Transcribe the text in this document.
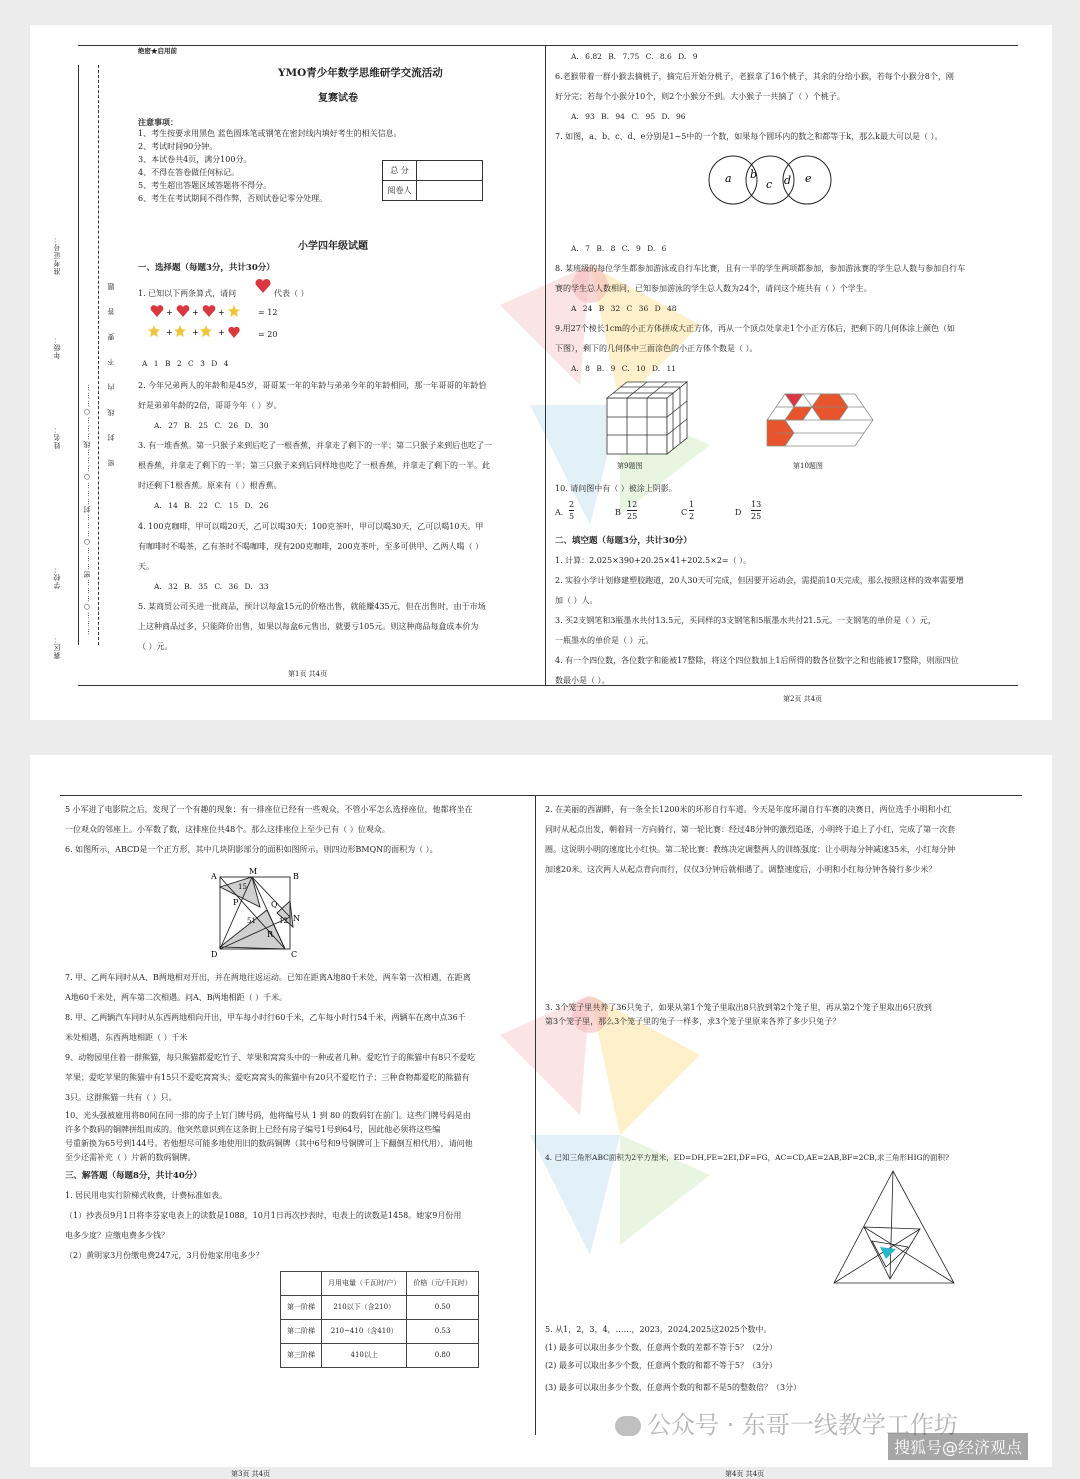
准考证号：
年级：
姓名：
学校：
赛区：
………○………密………○………封………○………线………○………
密 封 线 内 不 要 答 题
绝密★启用前
YMO青少年数学思维研学交流活动
复赛试卷
注意事项：
1、考生按要求用黑色 蓝色圆珠笔或钢笔在密封线内填好考生的相关信息。
2、考试时间90分钟。
3、本试卷共4页，满分100分。
4、不得在答卷做任何标记。
5、考生超出答题区域答题将不得分。
6、考生在考试期间不得作弊，否则试卷记零分处理。
总 分	
阅卷人	
小学四年级试题
一、选择题（每题3分，共计30分）
1. 已知以下两条算式，请问	代表（ ）
+ + +
+ + +
= 12
= 20
A 1 B 2 C 3 D 4
2. 今年兄弟两人的年龄和是45岁，哥哥某一年的年龄与弟弟今年的年龄相同，那一年哥哥的年龄恰
好是弟弟年龄的2倍，哥哥今年（ ）岁。
A. 27 B. 25 C. 26 D. 30
3. 有一堆香蕉。第一只猴子来到后吃了一根香蕉，并拿走了剩下的一半；第二只猴子来到后也吃了一
根香蕉，并拿走了剩下的一半；第三只猴子来到后同样地也吃了一根香蕉，并拿走了剩下的一半。此
时还剩下1根香蕉。原来有（ ）根香蕉。
A. 14 B. 22 C. 15 D. 26
4. 100克咖啡，甲可以喝20天，乙可以喝30天；100克茶叶，甲可以喝30天，乙可以喝10天。甲
有咖啡时不喝茶，乙有茶时不喝咖啡，现有200克咖啡，200克茶叶，至多可供甲、乙两人喝（ ）
天。
A. 32 B. 35 C. 36 D. 33
5. 某商贸公司买进一批商品，预计以每盒15元的价格出售，就能赚435元，但在出售时，由于市场
上这种商品过多，只能降价出售，如果以每盒6元售出，就要亏105元。则这种商品每盒成本价为
（ ）元。
第1页 共4页
A. 6.82 B. 7.75 C. 8.6 D. 9
6.老猴带着一群小猴去摘桃子，摘完后开始分桃子，老猴拿了16个桃子，其余的分给小猴，若每个小猴分8个，刚
好分完；若每个小猴分10个，则2个小猴分不到。大小猴子一共摘了（ ）个桃子。
A. 93 B. 94 C. 95 D. 96
7. 如图，a、b、c、d、e分别是1~5中的一个数，如果每个圆环内的数之和都等于k，那么k最大可以是（ ）。
a b
c d e
A. 7 B. 8 C. 9 D. 6
8. 某班级的每位学生都参加游泳或自行车比赛，且有一半的学生两项都参加，参加游泳赛的学生总人数与参加自行车
赛的学生总人数相同，已知参加游泳的学生总人数为24个，请问这个班共有（ ）个学生。
A 24 B 32 C 36 D 48
9.用27个棱长1cm的小正方体拼成大正方体，再从一个顶点处拿走1个小正方体后，把剩下的几何体涂上颜色（如
下图），剩下的几何体中三面涂色的小正方体个数是（ ）。
A. 8 B. 9 C. 10 D. 11
第9题图	第10题图
10. 请问图中有（ ）被涂上阴影。
A.
2
5	B
12
25	C
1
2	D
13
25
二、填空题（每题3分，共计30分）
1. 计算：2.025×390+20.25×41+202.5×2=（ ）。
2. 实验小学计划修建塑胶跑道，20人30天可完成，但因要开运动会，需提前10天完成，那么按照这样的效率需要增
加（ ）人。
3. 买2支钢笔和3瓶墨水共付13.5元，买同样的3支钢笔和5瓶墨水共付21.5元。一支钢笔的单价是（ ）元，
一瓶墨水的单价是（ ）元。
4. 有一个四位数，各位数字和能被17整除，将这个四位数加上1后所得的数各位数字之和也能被17整除，则原四位
数最小是（ ）。
第2页 共4页
5 小军进了电影院之后，发现了一个有趣的现象：有一排座位已经有一些观众，不管小军怎么选择座位，他都将坐在
一位观众的邻座上。小军数了数，这排座位共48个。那么这排座位上至少已有（ ）位观众。
6. 如图所示，ABCD是一个正方形，其中几块阴影部分的面积如图所示。则四边形BMQN的面积为（ ）。
A
M
B
P	Q
N
R
D	C
15
51	12
7. 甲、乙两车同时从A、B两地相对开出，并在两地往返运动。已知在距离A地80千米处，两车第一次相遇，在距离
A地60千米处，两车第二次相遇。问A、B两地相距（ ）千米。
8. 甲、乙两辆汽车同时从东西两地相向开出，甲车每小时行60千米，乙车每小时行54千米，两辆车在离中点36千
米处相遇，东西两地相距（ ）千米
9、动物园里住着一群熊猫，每只熊猫都爱吃竹子、苹果和窝窝头中的一种或者几种。爱吃竹子的熊猫中有8只不爱吃
苹果；爱吃苹果的熊猫中有15只不爱吃窝窝头；爱吃窝窝头的熊猫中有20只不爱吃竹子；三种食物都爱吃的熊猫有
3只。这群熊猫一共有（ ）只。
10、光头强被雇用将80间在同一排的房子上钉门牌号码，他将编号从 1 到 80 的数码钉在前门。这些门牌号码是由
许多个数码的铜牌拼组而成的。他突然意识到在这条街上已经有房子编号1号到64号，因此他必须将这些编
号重新换为65号到144号。若他想尽可能多地使用旧的数码铜牌（其中6号和9号铜牌可上下翻倒互相代用），请问他
至少还需补充（ ）片新的数码铜牌。
三、解答题（每题8分，共计40分）
1. 居民用电实行阶梯式收费，计费标准如表。
（1）抄表员9月1日将李芬家电表上的读数是1088，10月1日再次抄表时，电表上的读数是1458。她家9月份用
电多少度？应缴电费多少钱？
（2）黄明家3月份缴电费247元，3月份他家用电多少？
	月用电量（千瓦时/户）	价格（元/千瓦时）
第一阶梯	210以下（含210）	0.50
第二阶梯	210~410（含410）	0.53
第三阶梯	410以上	0.80
第3页 共4页
2. 在美丽的西湖畔，有一条全长1200米的环形自行车道。今天是年度环湖自行车赛的决赛日，两位选手小明和小红
同时从起点出发，朝着同一方向骑行，第一轮比赛：经过48分钟的激烈追逐，小明终于追上了小红，完成了第一次套
圈。这说明小明的速度比小红快。第二轮比赛：教练决定调整两人的训练强度：让小明每分钟减速35米，小红每分钟
加速20米。这次两人从起点背向而行，仅仅3分钟后就相遇了。调整速度后，小明和小红每分钟各骑行多少米？
3. 3个笼子里共养了36只兔子，如果从第1个笼子里取出8只放到第2个笼子里，再从第2个笼子里取出6只放到
第3个笼子里，那么3个笼子里的兔子一样多，求3个笼子里原来各养了多少只兔子？
4. 已知三角形ABC面积为2平方厘米，ED=DH,FE=2EI,DF=FG，AC=CD,AE=2AB,BF=2CB,求三角形HIG的面积?
5. 从1，2，3，4，……，2023，2024,2025这2025个数中。
(1) 最多可以取出多少个数，任意两个数的差都不等于5？（2分）
(2) 最多可以取出多少个数，任意两个数的和都不等于5？（3分）
(3) 最多可以取出多少个数，任意两个数的和都不是5的整数倍？（3分）
第4页 共4页
公众号 · 东哥一线教学工作坊
搜狐号@经济观点
